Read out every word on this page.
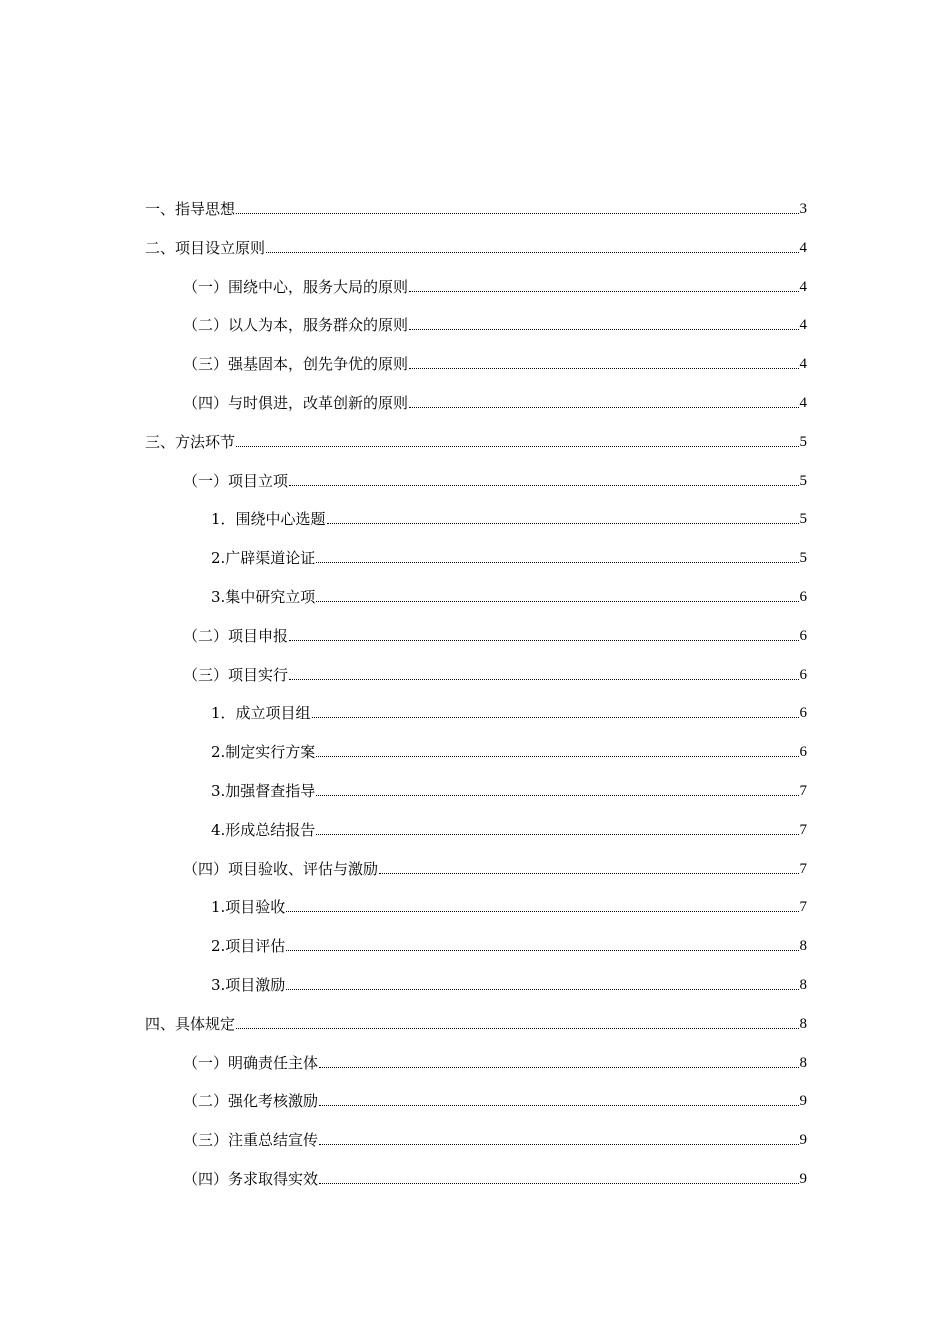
一、指导思想	3
二、项目设立原则	4
（一）围绕中心，服务大局的原则	4
（二）以人为本，服务群众的原则	4
（三）强基固本，创先争优的原则	4
（四）与时俱进，改革创新的原则	4
三、方法环节	5
（一）项目立项	5
1．围绕中心选题	5
2.广辟渠道论证	5
3.集中研究立项	6
（二）项目申报	6
（三）项目实行	6
1．成立项目组	6
2.制定实行方案	6
3.加强督查指导	7
4.形成总结报告	7
（四）项目验收、评估与激励	7
1.项目验收	7
2.项目评估	8
3.项目激励	8
四、具体规定	8
（一）明确责任主体	8
（二）强化考核激励	9
（三）注重总结宣传	9
（四）务求取得实效	9
